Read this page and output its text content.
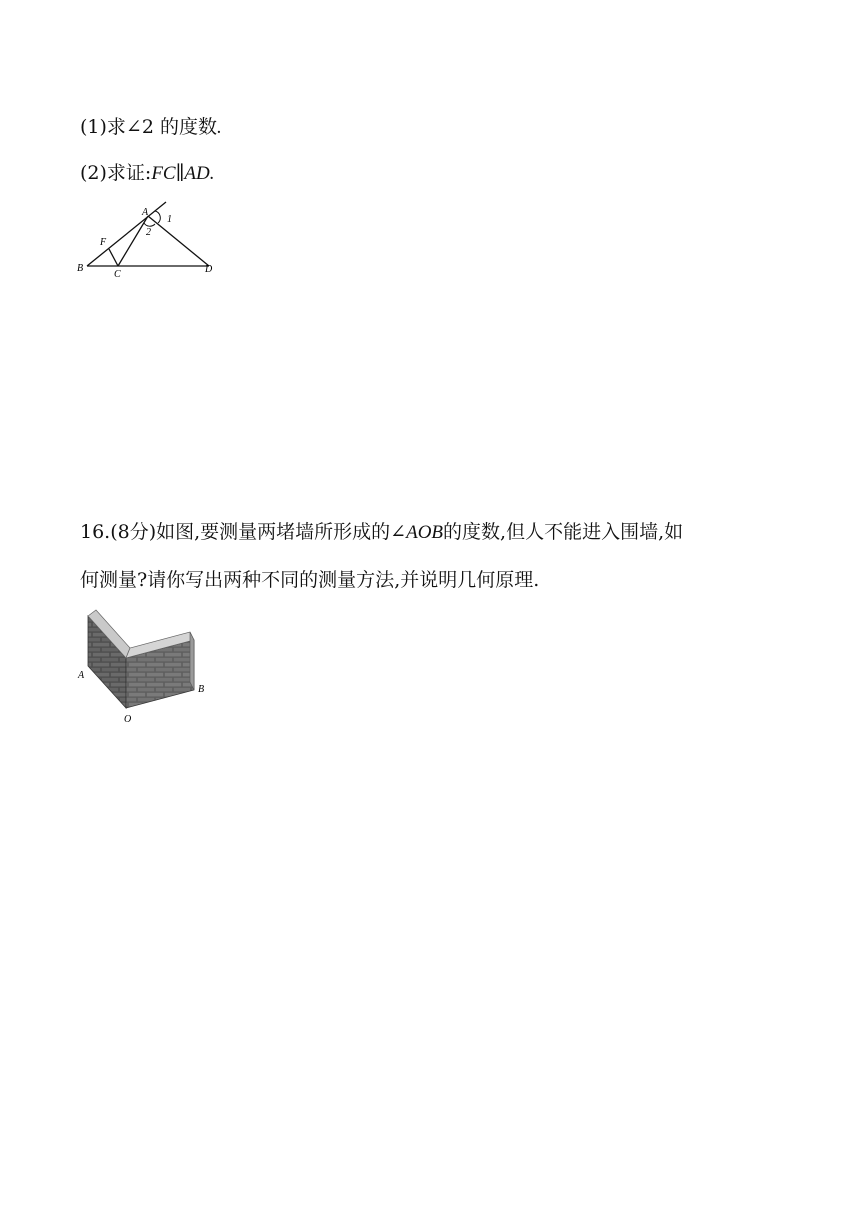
(1)求∠2 的度数.
(2)求证:FC∥AD.
A
1
2
F
B
C	D
16.(8分)如图,要测量两堵墙所形成的∠AOB的度数,但人不能进入围墙,如
何测量?请你写出两种不同的测量方法,并说明几何原理.
A
B
O
